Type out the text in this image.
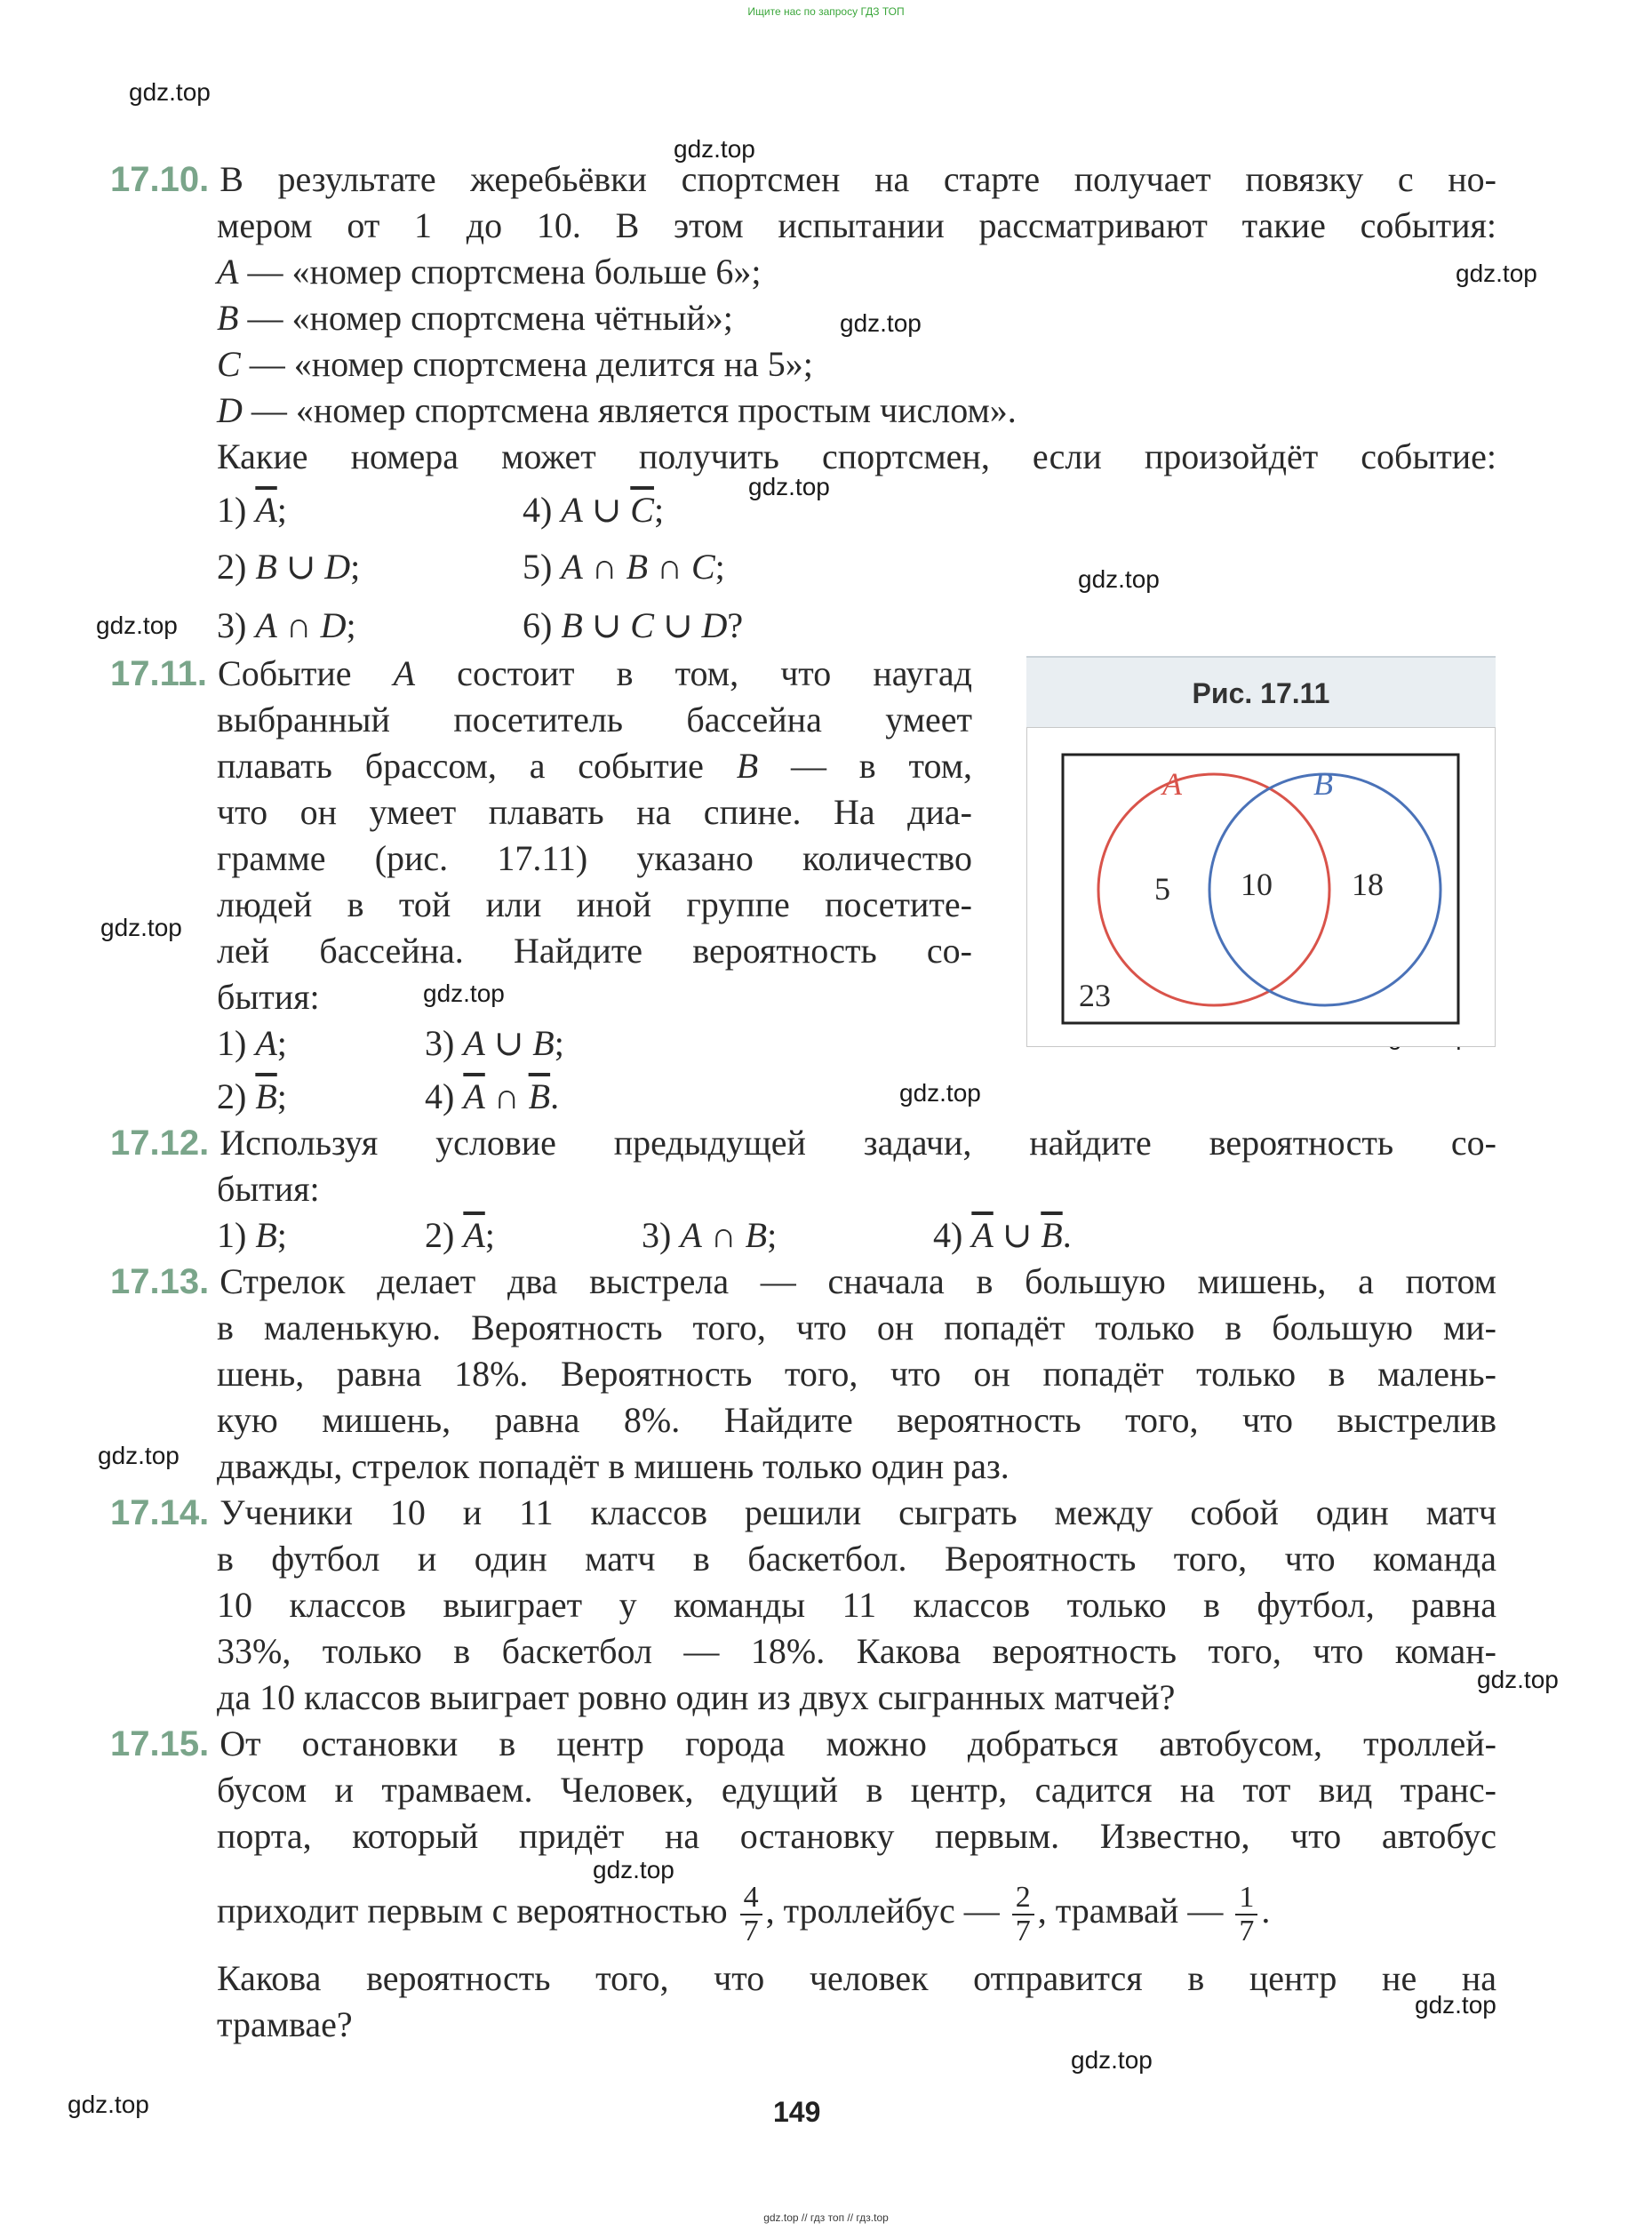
Ищите нас по запросу ГДЗ ТОП
gdz.top
gdz.top
gdz.top
gdz.top
gdz.top
gdz.top
gdz.top
gdz.top
gdz.top
gdz.top
gdz.top
gdz.top
gdz.top
gdz.top
gdz.top
gdz.top
17.10. В результате жеребьёвки спортсмен на старте получает повязку с но-
мером от 1 до 10. В этом испытании рассматривают такие события:
A — «номер спортсмена больше 6»;
B — «номер спортсмена чётный»;
C — «номер спортсмена делится на 5»;
D — «номер спортсмена является простым числом».
Какие номера может получить спортсмен, если произойдёт событие:
1) $\overline{A}$;	4) A ∪ $\overline{C}$;
2) B ∪ D;	5) A ∩ B ∩ C;
3) A ∩ D;	6) B ∪ C ∪ D?
17.11. Событие A состоит в том, что наугад
выбранный посетитель бассейна умеет
плавать брассом, а событие B — в том,
что он умеет плавать на спине. На диа-
грамме (рис. 17.11) указано количество
людей в той или иной группе посетите-
лей бассейна. Найдите вероятность со-
бытия:
1) A;	3) A ∪ B;
2) $\overline{B}$;	4) $\overline{A}$ ∩ $\overline{B}$.
Рис. 17.11
A	B
5 10 18
23
17.12. Используя условие предыдущей задачи, найдите вероятность со-
бытия:
1) B;	2) $\overline{A}$;	3) A ∩ B;	4) $\overline{A}$ ∪ $\overline{B}$.
17.13. Стрелок делает два выстрела — сначала в большую мишень, а потом
в маленькую. Вероятность того, что он попадёт только в большую ми-
шень, равна 18%. Вероятность того, что он попадёт только в малень-
кую мишень, равна 8%. Найдите вероятность того, что выстрелив
дважды, стрелок попадёт в мишень только один раз.
17.14. Ученики 10 и 11 классов решили сыграть между собой один матч
в футбол и один матч в баскетбол. Вероятность того, что команда
10 классов выиграет у команды 11 классов только в футбол, равна
33%, только в баскетбол — 18%. Какова вероятность того, что коман-
да 10 классов выиграет ровно один из двух сыгранных матчей?
17.15. От остановки в центр города можно добраться автобусом, троллей-
бусом и трамваем. Человек, едущий в центр, садится на тот вид транс-
порта, который придёт на остановку первым. Известно, что автобус
приходит первым с вероятностью $\frac{4}{7}$ , троллейбус — $\frac{2}{7}$ , трамвай — $\frac{1}{7}$ .
Какова вероятность того, что человек отправится в центр не на
трамвае?
149
gdz.top // гдз топ // гдз.top
